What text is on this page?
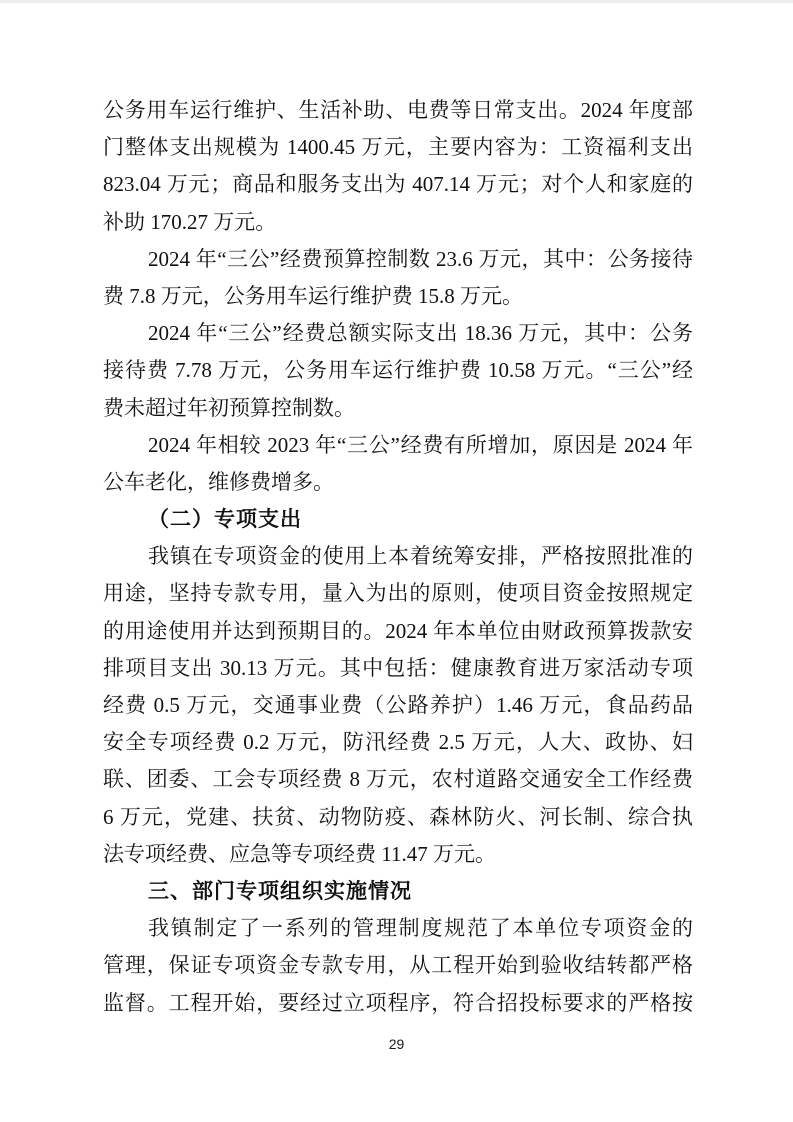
公务用车运行维护、生活补助、电费等日常支出。2024 年度部
门整体支出规模为 1400.45 万元，主要内容为：工资福利支出
823.04 万元；商品和服务支出为 407.14 万元；对个人和家庭的
补助 170.27 万元。
2024 年“三公”经费预算控制数 23.6 万元，其中：公务接待
费 7.8 万元，公务用车运行维护费 15.8 万元。
2024 年“三公”经费总额实际支出 18.36 万元，其中：公务
接待费 7.78 万元，公务用车运行维护费 10.58 万元。“三公”经
费未超过年初预算控制数。
2024 年相较 2023 年“三公”经费有所增加，原因是 2024 年
公车老化，维修费增多。
（二）专项支出
我镇在专项资金的使用上本着统筹安排，严格按照批准的
用途，坚持专款专用，量入为出的原则，使项目资金按照规定
的用途使用并达到预期目的。2024 年本单位由财政预算拨款安
排项目支出 30.13 万元。其中包括：健康教育进万家活动专项
经费 0.5 万元，交通事业费（公路养护）1.46 万元，食品药品
安全专项经费 0.2 万元，防汛经费 2.5 万元，人大、政协、妇
联、团委、工会专项经费 8 万元，农村道路交通安全工作经费
6 万元，党建、扶贫、动物防疫、森林防火、河长制、综合执
法专项经费、应急等专项经费 11.47 万元。
三、部门专项组织实施情况
我镇制定了一系列的管理制度规范了本单位专项资金的
管理，保证专项资金专款专用，从工程开始到验收结转都严格
监督。工程开始，要经过立项程序，符合招投标要求的严格按
29
